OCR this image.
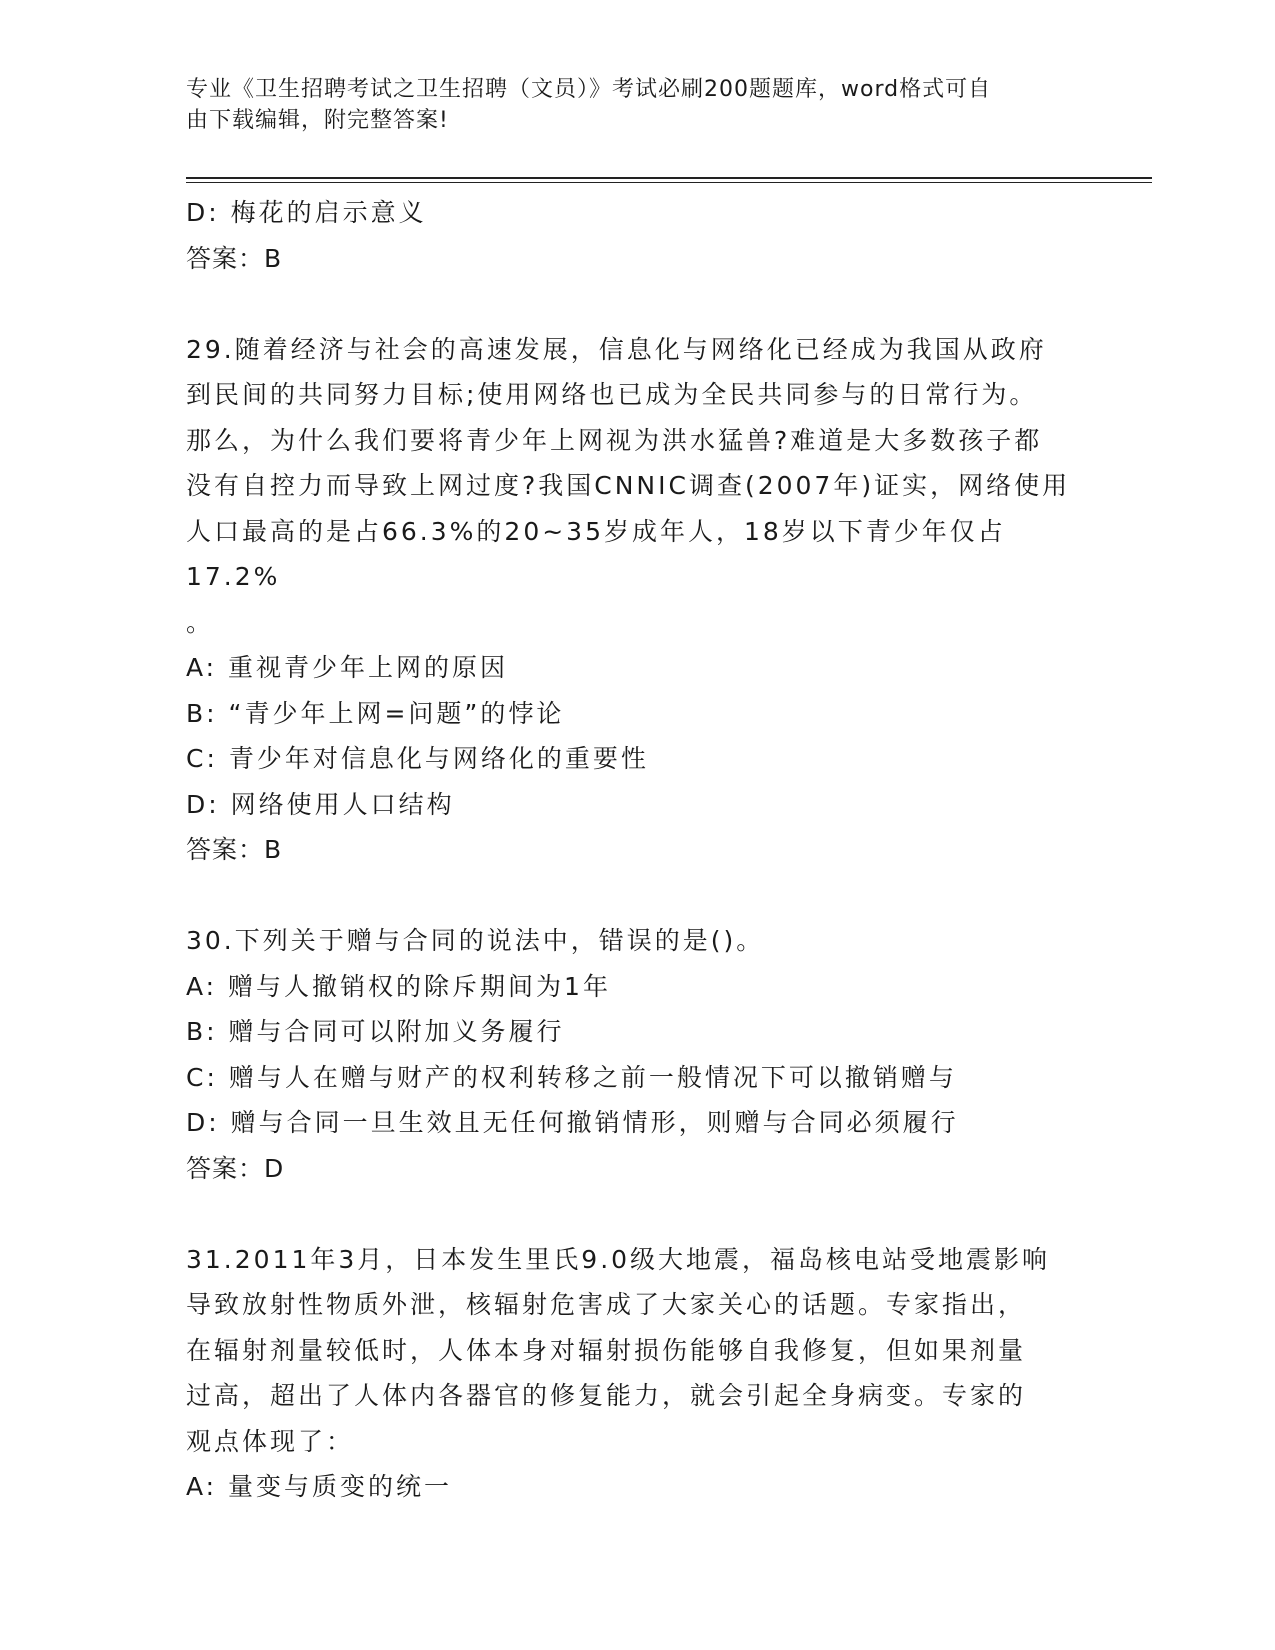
专业《卫生招聘考试之卫生招聘（文员）》考试必刷200题题库，word格式可自
由下载编辑，附完整答案!

D: 梅花的启示意义

答案：B

29.随着经济与社会的高速发展，信息化与网络化已经成为我国从政府

到民间的共同努力目标;使用网络也已成为全民共同参与的日常行为。

那么，为什么我们要将青少年上网视为洪水猛兽?难道是大多数孩子都

没有自控力而导致上网过度?我国CNNIC调查(2007年)证实，网络使用

人口最高的是占66.3%的20~35岁成年人，18岁以下青少年仅占17.2%

。

A: 重视青少年上网的原因

B: “青少年上网=问题”的悖论

C: 青少年对信息化与网络化的重要性

D: 网络使用人口结构

答案：B

30.下列关于赠与合同的说法中，错误的是()。

A: 赠与人撤销权的除斥期间为1年

B: 赠与合同可以附加义务履行

C: 赠与人在赠与财产的权利转移之前一般情况下可以撤销赠与

D: 赠与合同一旦生效且无任何撤销情形，则赠与合同必须履行

答案：D

31.2011年3月，日本发生里氏9.0级大地震，福岛核电站受地震影响

导致放射性物质外泄，核辐射危害成了大家关心的话题。专家指出，

在辐射剂量较低时，人体本身对辐射损伤能够自我修复，但如果剂量

过高，超出了人体内各器官的修复能力，就会引起全身病变。专家的

观点体现了：

A: 量变与质变的统一
